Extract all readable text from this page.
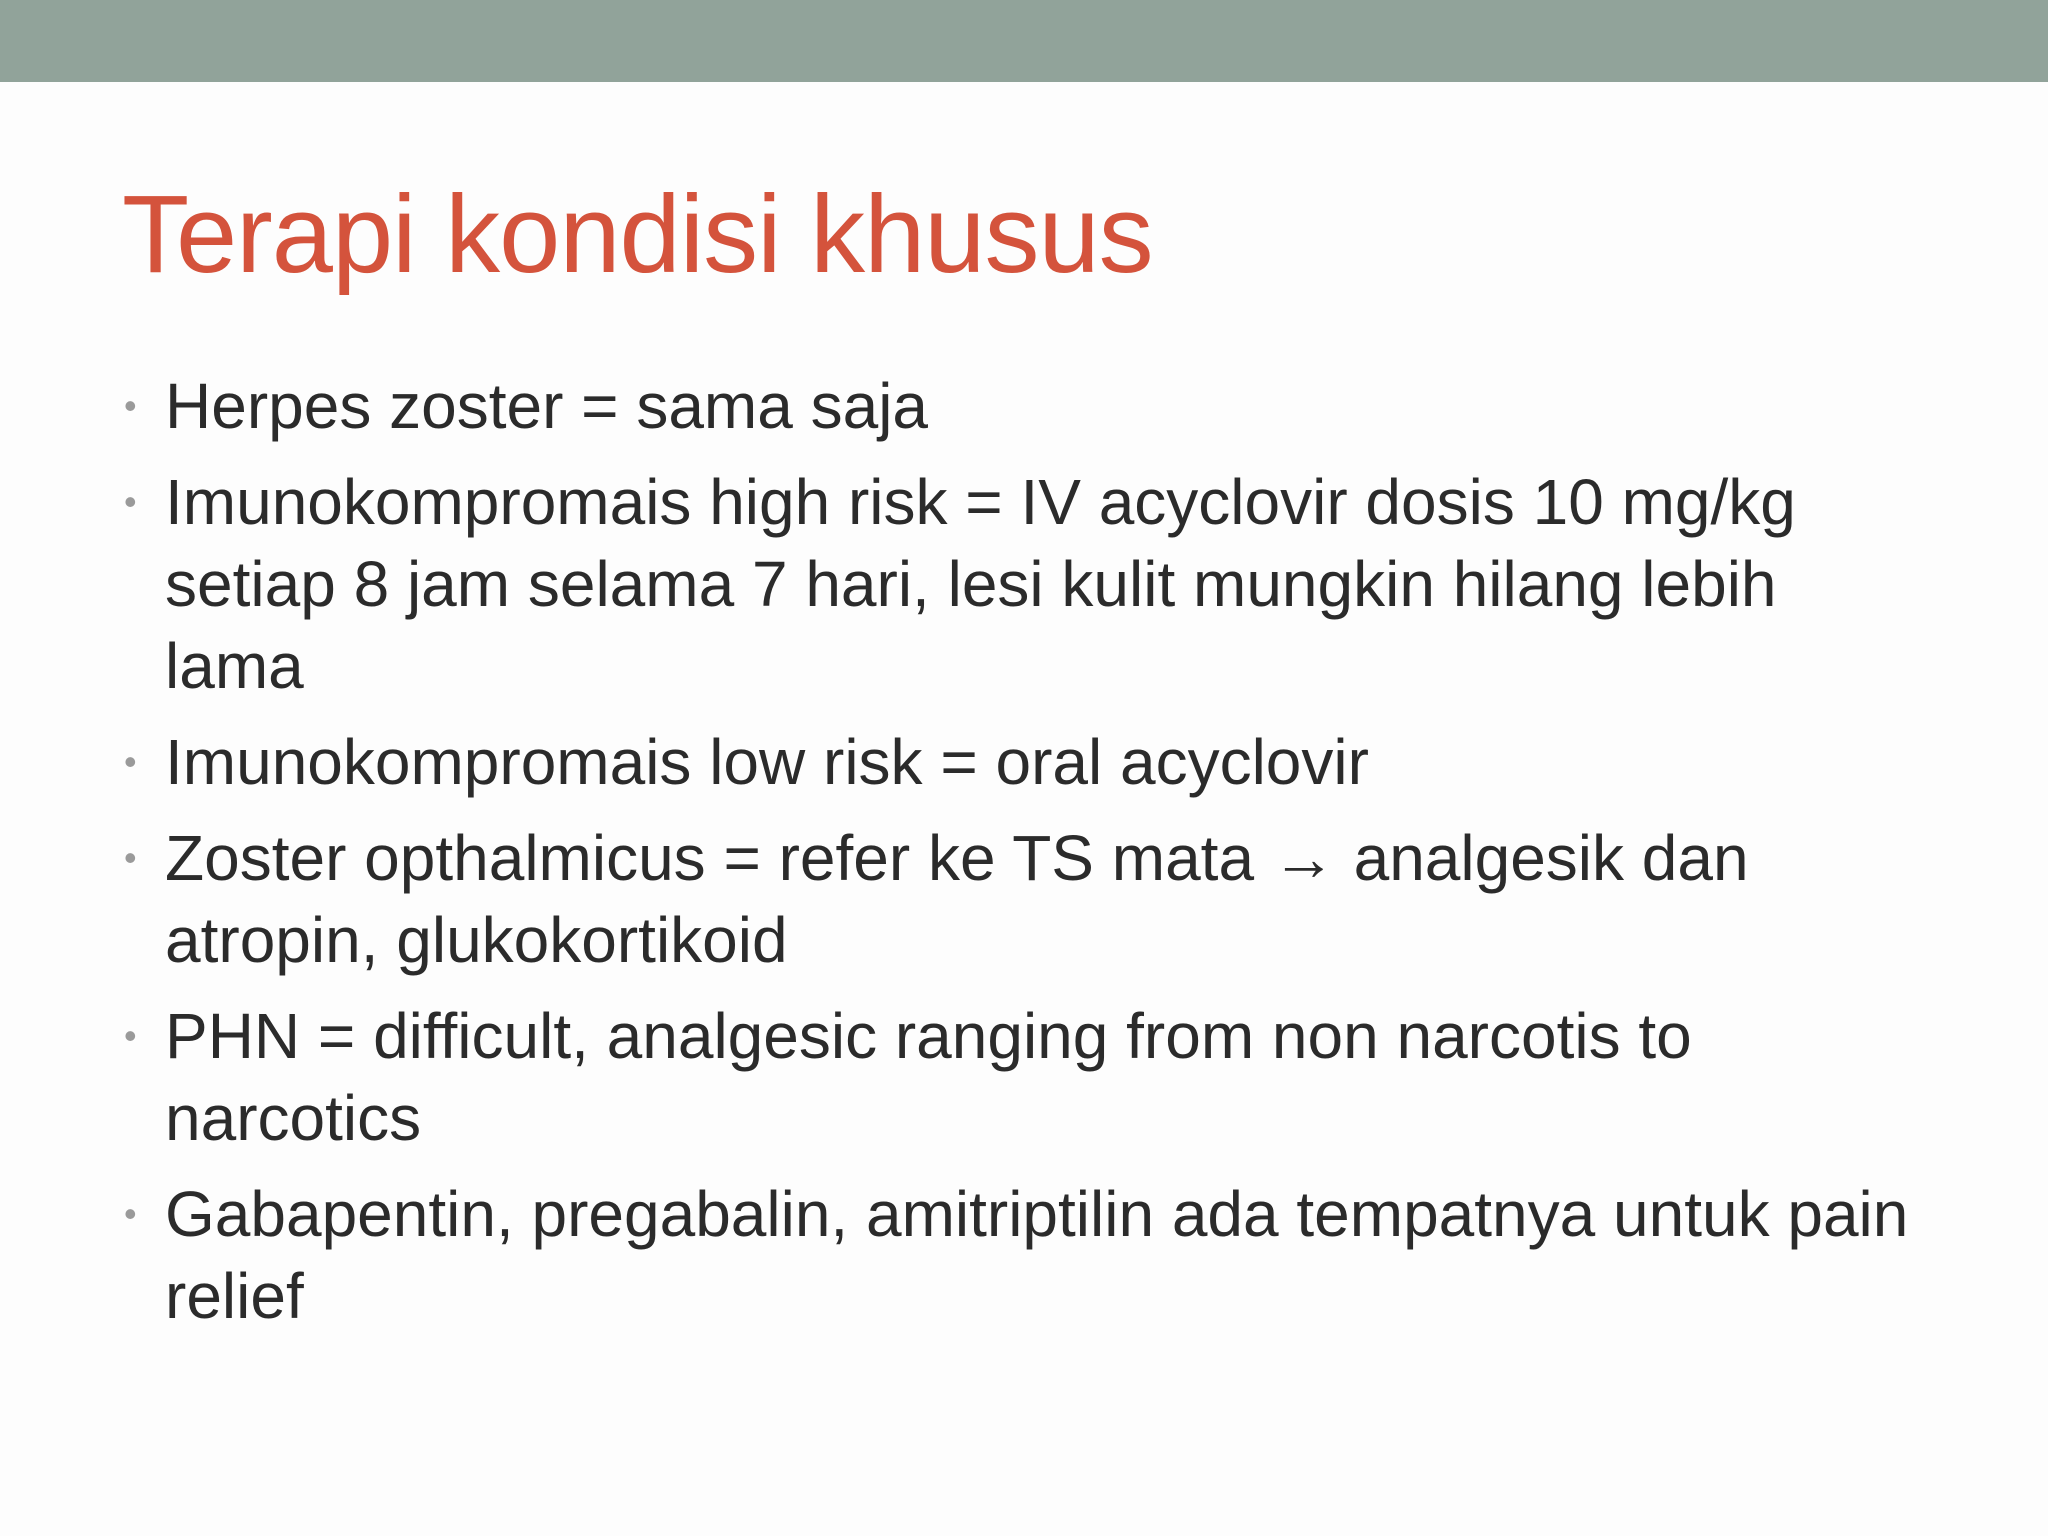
Terapi kondisi khusus
• Herpes zoster = sama saja
• Imunokompromais high risk = IV acyclovir dosis 10 mg/kg setiap 8 jam selama 7 hari, lesi kulit mungkin hilang lebih lama
• Imunokompromais low risk = oral acyclovir
• Zoster opthalmicus = refer ke TS mata → analgesik dan atropin, glukokortikoid
• PHN = difficult, analgesic ranging from non narcotis to narcotics
• Gabapentin, pregabalin, amitriptilin ada tempatnya untuk pain relief
